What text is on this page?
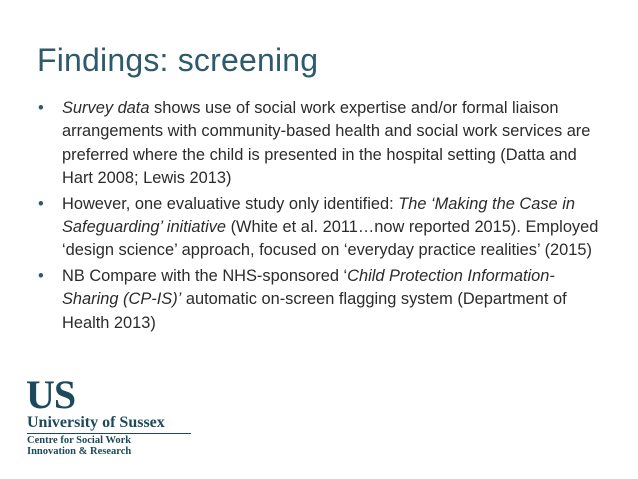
Findings: screening
• Survey data shows use of social work expertise and/or formal liaison arrangements with community-based health and social work services are preferred where the child is presented in the hospital setting (Datta and Hart 2008; Lewis 2013)
• However, one evaluative study only identified: The ‘Making the Case in Safeguarding’ initiative (White et al. 2011…now reported 2015). Employed ‘design science’ approach, focused on ‘everyday practice realities’ (2015)
• NB Compare with the NHS-sponsored ‘Child Protection Information-Sharing (CP-IS)’ automatic on-screen flagging system (Department of Health 2013)
US
University of Sussex
Centre for Social Work
Innovation & Research
